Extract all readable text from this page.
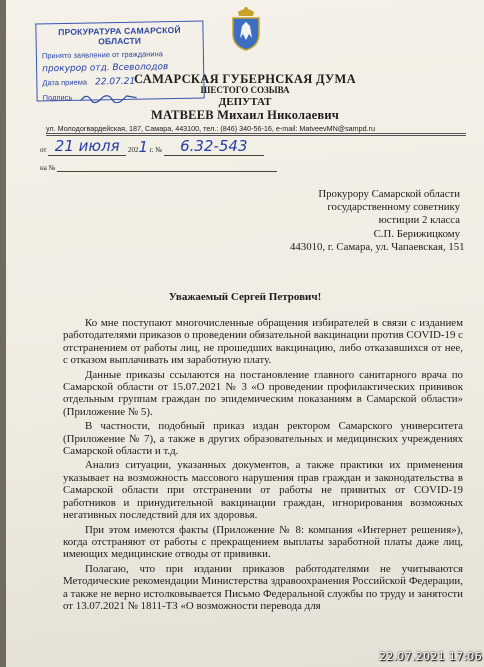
ПРОКУРАТУРА САМАРСКОЙ ОБЛАСТИ
Принято заявление от гражданина
прокурор отд. Всеволодов
Дата приема 22.07.21
Подпись
САМАРСКАЯ ГУБЕРНСКАЯ ДУМА
ШЕСТОГО СОЗЫВА
ДЕПУТАТ
МАТВЕЕВ Михаил Николаевич
ул. Молодогвардейская, 187, Самара, 443100, тел.: (846) 340-56-16, e-mail: MatveevMN@sampd.ru
от 21 июля 2021 г. № 6.32-543
на №
Прокурору Самарской области
государственному советнику
юстиции 2 класса
С.П. Берижицкому
443010, г. Самара, ул. Чапаевская, 151
Уважаемый Сергей Петрович!

Ко мне поступают многочисленные обращения избирателей в связи с изданием работодателями приказов о проведении обязательной вакцинации против COVID-19 с отстранением от работы лиц, не прошедших вакцинацию, либо отказавшихся от нее, с отказом выплачивать им заработную плату.

Данные приказы ссылаются на постановление главного санитарного врача по Самарской области от 15.07.2021 № 3 «О проведении профилактических прививок отдельным группам граждан по эпидемическим показаниям в Самарской области» (Приложение № 5).

В частности, подобный приказ издан ректором Самарского университета (Приложение № 7), а также в других образовательных и медицинских учреждениях Самарской области и т.д.

Анализ ситуации, указанных документов, а также практики их применения указывает на возможность массового нарушения прав граждан и законодательства в Самарской области при отстранении от работы не привитых от COVID-19 работников и принудительной вакцинации граждан, игнорирования возможных негативных последствий для их здоровья.

При этом имеются факты (Приложение № 8: компания «Интернет решения»), когда отстраняют от работы с прекращением выплаты заработной платы даже лиц, имеющих медицинские отводы от прививки.

Полагаю, что при издании приказов работодателями не учитываются Методические рекомендации Министерства здравоохранения Российской Федерации, а также не верно истолковывается Письмо Федеральной службы по труду и занятости от 13.07.2021 № 1811-ТЗ «О возможности перевода для

22.07.2021 17:06
